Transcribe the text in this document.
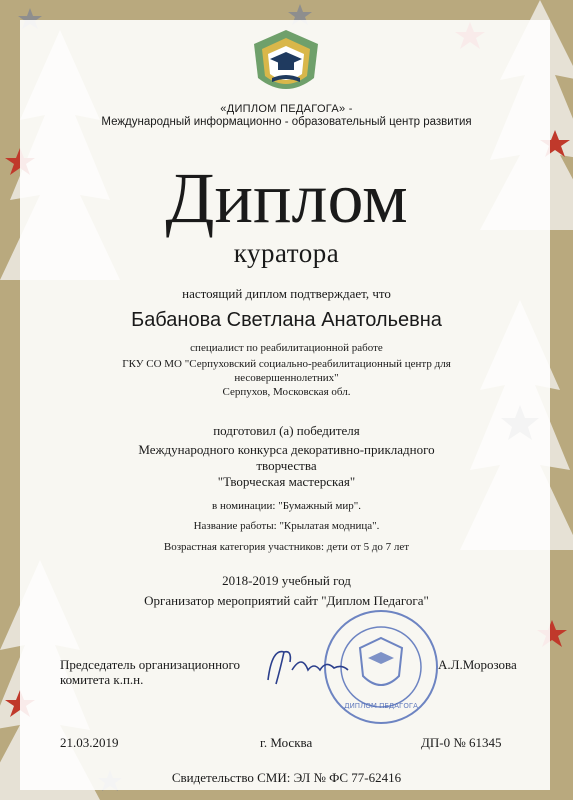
«ДИПЛОМ ПЕДАГОГА» -
Международный информационно - образовательный центр развития
Диплом
куратора
настоящий диплом подтверждает, что
Бабанова Светлана Анатольевна
специалист по реабилитационной работе
ГКУ СО МО "Серпуховский социально-реабилитационный центр для
несовершеннолетних"
Серпухов, Московская обл.
подготовил (а) победителя
Международного конкурса декоративно-прикладного
творчества
"Творческая мастерская"
в номинации: "Бумажный мир".
Название работы: "Крылатая модница".
Возрастная категория участников: дети от 5 до 7 лет
2018-2019 учебный год
Организатор мероприятий сайт "Диплом Педагога"
ДИПЛОМ ПЕДАГОГА
Председатель организационного
комитета к.п.н.
А.Л.Морозова
21.03.2019	г. Москва	ДП-0 № 61345
Свидетельство СМИ: ЭЛ № ФС 77-62416
